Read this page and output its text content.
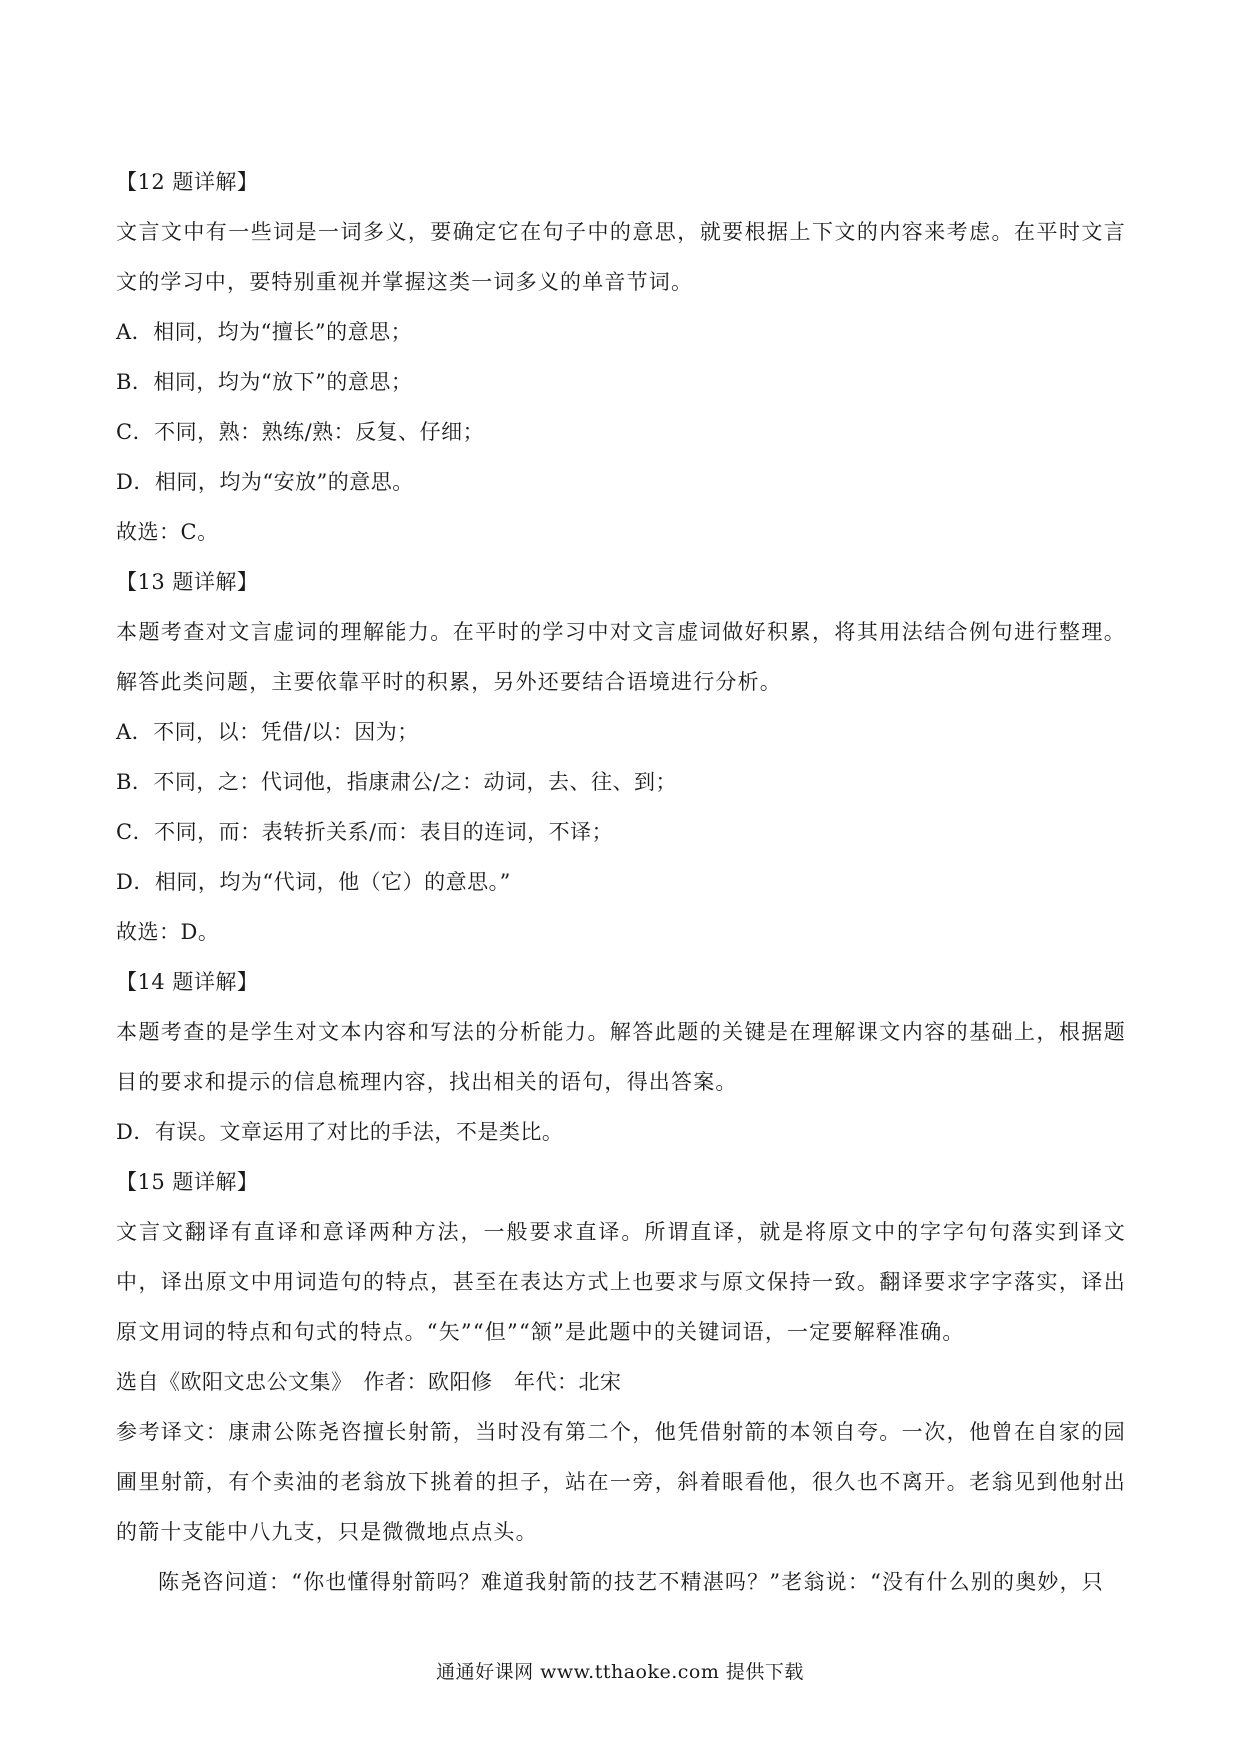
【12 题详解】
文言文中有一些词是一词多义，要确定它在句子中的意思，就要根据上下文的内容来考虑。在平时文言文的学习中，要特别重视并掌握这类一词多义的单音节词。
A．相同，均为“擅长”的意思；
B．相同，均为“放下”的意思；
C．不同，熟：熟练/熟：反复、仔细；
D．相同，均为“安放”的意思。
故选：C。
【13 题详解】
本题考查对文言虚词的理解能力。在平时的学习中对文言虚词做好积累，将其用法结合例句进行整理。解答此类问题，主要依靠平时的积累，另外还要结合语境进行分析。
A．不同，以：凭借/以：因为；
B．不同，之：代词他，指康肃公/之：动词，去、往、到；
C．不同，而：表转折关系/而：表目的连词，不译；
D．相同，均为“代词，他（它）的意思。”
故选：D。
【14 题详解】
本题考查的是学生对文本内容和写法的分析能力。解答此题的关键是在理解课文内容的基础上，根据题目的要求和提示的信息梳理内容，找出相关的语句，得出答案。
D．有误。文章运用了对比的手法，不是类比。
【15 题详解】
文言文翻译有直译和意译两种方法，一般要求直译。所谓直译，就是将原文中的字字句句落实到译文中，译出原文中用词造句的特点，甚至在表达方式上也要求与原文保持一致。翻译要求字字落实，译出原文用词的特点和句式的特点。“矢”“但”“颔”是此题中的关键词语，一定要解释准确。
选自《欧阳文忠公文集》　作者：欧阳修　年代：北宋
参考译文：康肃公陈尧咨擅长射箭，当时没有第二个，他凭借射箭的本领自夸。一次，他曾在自家的园圃里射箭，有个卖油的老翁放下挑着的担子，站在一旁，斜着眼看他，很久也不离开。老翁见到他射出的箭十支能中八九支，只是微微地点点头。
陈尧咨问道：“你也懂得射箭吗？难道我射箭的技艺不精湛吗？”老翁说：“没有什么别的奥妙，只
通通好课网 www.tthaoke.com 提供下载
